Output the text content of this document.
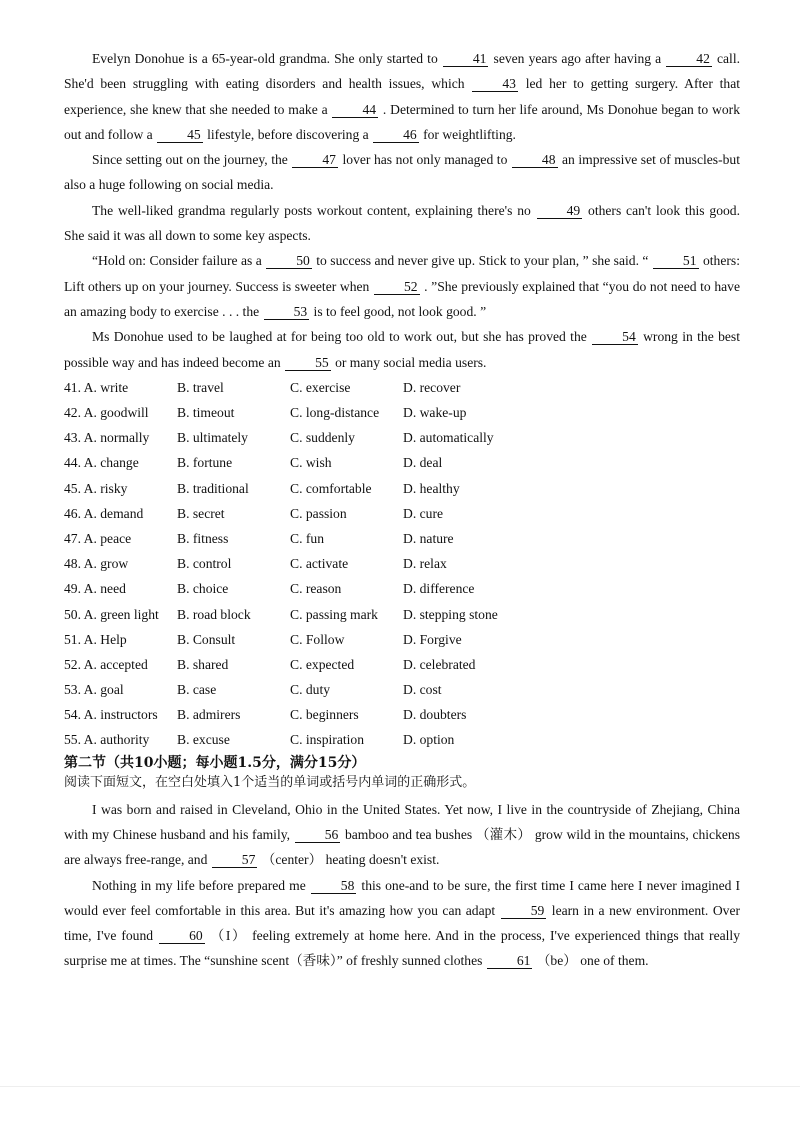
Evelyn Donohue is a 65-year-old grandma. She only started to 41 seven years ago after having a 42 call. She'd been struggling with eating disorders and health issues, which 43 led her to getting surgery. After that experience, she knew that she needed to make a 44 . Determined to turn her life around, Ms Donohue began to work out and follow a 45 lifestyle, before discovering a 46 for weightlifting.

Since setting out on the journey, the 47 lover has not only managed to 48 an impressive set of muscles-but also a huge following on social media.

The well-liked grandma regularly posts workout content, explaining there's no 49 others can't look this good. She said it was all down to some key aspects.

“Hold on: Consider failure as a 50 to success and never give up. Stick to your plan, ” she said. “ 51 others: Lift others up on your journey. Success is sweeter when 52 . ”She previously explained that “you do not need to have an amazing body to exercise . . . the 53 is to feel good, not look good. ”

Ms Donohue used to be laughed at for being too old to work out, but she has proved the 54 wrong in the best possible way and has indeed become an 55 or many social media users.

41. A. write	B. travel	C. exercise	D. recover
42. A. goodwill	B. timeout	C. long-distance	D. wake-up
43. A. normally	B. ultimately	C. suddenly	D. automatically
44. A. change	B. fortune	C. wish	D. deal
45. A. risky	B. traditional	C. comfortable	D. healthy
46. A. demand	B. secret	C. passion	D. cure
47. A. peace	B. fitness	C. fun	D. nature
48. A. grow	B. control	C. activate	D. relax
49. A. need	B. choice	C. reason	D. difference
50. A. green light	B. road block	C. passing mark	D. stepping stone
51. A. Help	B. Consult	C. Follow	D. Forgive
52. A. accepted	B. shared	C. expected	D. celebrated
53. A. goal	B. case	C. duty	D. cost
54. A. instructors	B. admirers	C. beginners	D. doubters
55. A. authority	B. excuse	C. inspiration	D. option

第二节（共10小题；每小题1.5分，满分15分）

阅读下面短文，在空白处填入1个适当的单词或括号内单词的正确形式。

I was born and raised in Cleveland, Ohio in the United States. Yet now, I live in the countryside of Zhejiang, China with my Chinese husband and his family, 56 bamboo and tea bushes （灌木） grow wild in the mountains, chickens are always free-range, and 57 （center） heating doesn't exist.

Nothing in my life before prepared me 58 this one-and to be sure, the first time I came here I never imagined I would ever feel comfortable in this area. But it's amazing how you can adapt 59 learn in a new environment. Over time, I've found 60 （I） feeling extremely at home here. And in the process, I've experienced things that really surprise me at times. The “sunshine scent（香味）” of freshly sunned clothes 61 （be） one of them.
